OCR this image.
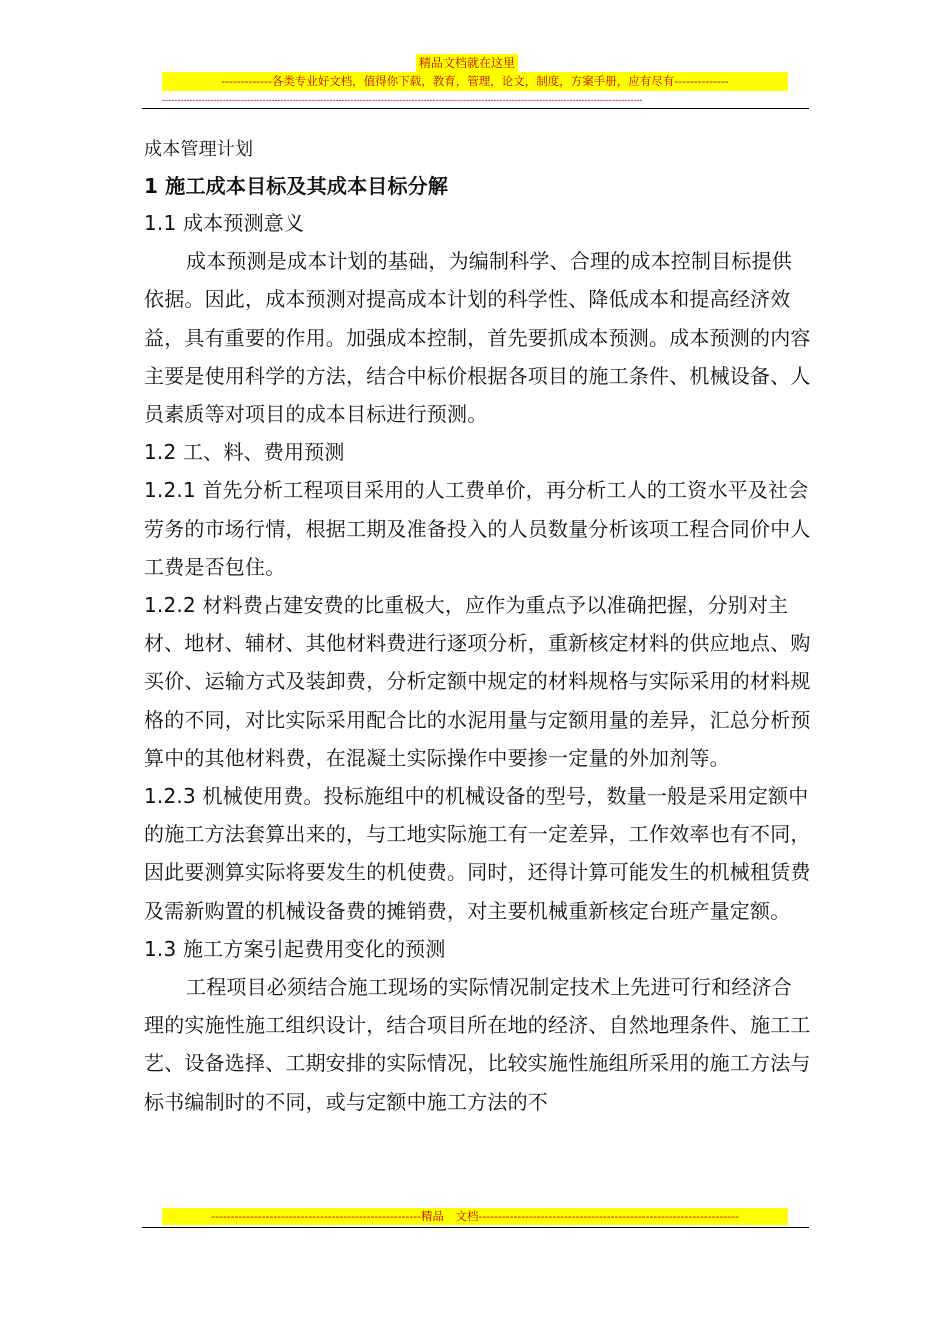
精品文档就在这里
-------------各类专业好文档，值得你下载，教育，管理，论文，制度，方案手册，应有尽有--------------
--------------------------------------------------------------------------------------------------------------------------------------------------------------

成本管理计划

1 施工成本目标及其成本目标分解

1.1 成本预测意义

成本预测是成本计划的基础，为编制科学、合理的成本控制目标提供依据。因此，成本预测对提高成本计划的科学性、降低成本和提高经济效益，具有重要的作用。加强成本控制，首先要抓成本预测。成本预测的内容主要是使用科学的方法，结合中标价根据各项目的施工条件、机械设备、人员素质等对项目的成本目标进行预测。

1.2 工、料、费用预测

1.2.1 首先分析工程项目采用的人工费单价，再分析工人的工资水平及社会劳务的市场行情，根据工期及准备投入的人员数量分析该项工程合同价中人工费是否包住。

1.2.2 材料费占建安费的比重极大，应作为重点予以准确把握，分别对主材、地材、辅材、其他材料费进行逐项分析，重新核定材料的供应地点、购买价、运输方式及装卸费，分析定额中规定的材料规格与实际采用的材料规格的不同，对比实际采用配合比的水泥用量与定额用量的差异，汇总分析预算中的其他材料费，在混凝土实际操作中要掺一定量的外加剂等。

1.2.3 机械使用费。投标施组中的机械设备的型号，数量一般是采用定额中的施工方法套算出来的，与工地实际施工有一定差异，工作效率也有不同，因此要测算实际将要发生的机使费。同时，还得计算可能发生的机械租赁费及需新购置的机械设备费的摊销费，对主要机械重新核定台班产量定额。

1.3 施工方案引起费用变化的预测

工程项目必须结合施工现场的实际情况制定技术上先进可行和经济合理的实施性施工组织设计，结合项目所在地的经济、自然地理条件、施工工艺、设备选择、工期安排的实际情况，比较实施性施组所采用的施工方法与标书编制时的不同，或与定额中施工方法的不

------------------------------------------------------精品　文档-------------------------------------------------------------------
